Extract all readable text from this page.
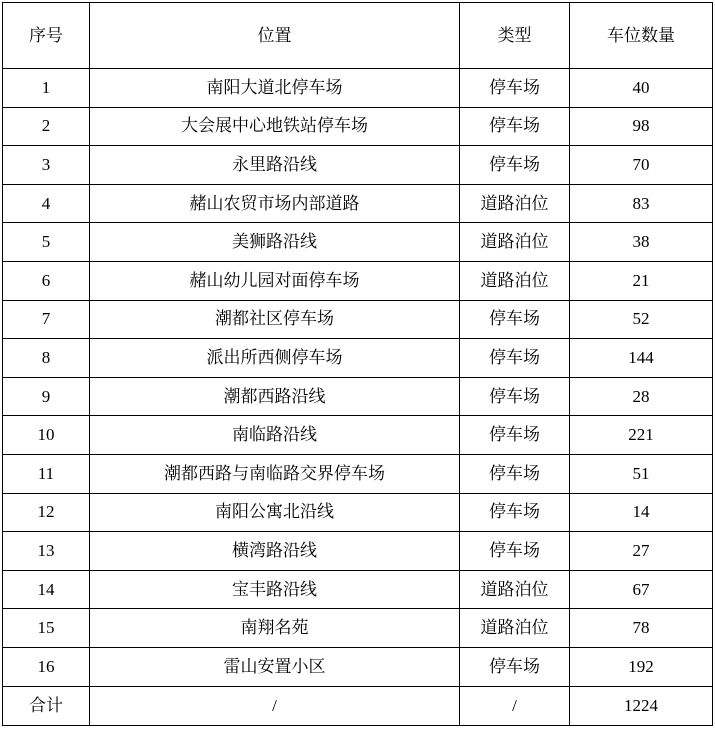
序号	位置	类型	车位数量
1	南阳大道北停车场	停车场	40
2	大会展中心地铁站停车场	停车场	98
3	永里路沿线	停车场	70
4	赭山农贸市场内部道路	道路泊位	83
5	美狮路沿线	道路泊位	38
6	赭山幼儿园对面停车场	道路泊位	21
7	潮都社区停车场	停车场	52
8	派出所西侧停车场	停车场	144
9	潮都西路沿线	停车场	28
10	南临路沿线	停车场	221
11	潮都西路与南临路交界停车场	停车场	51
12	南阳公寓北沿线	停车场	14
13	横湾路沿线	停车场	27
14	宝丰路沿线	道路泊位	67
15	南翔名苑	道路泊位	78
16	雷山安置小区	停车场	192
合计	/	/	1224
